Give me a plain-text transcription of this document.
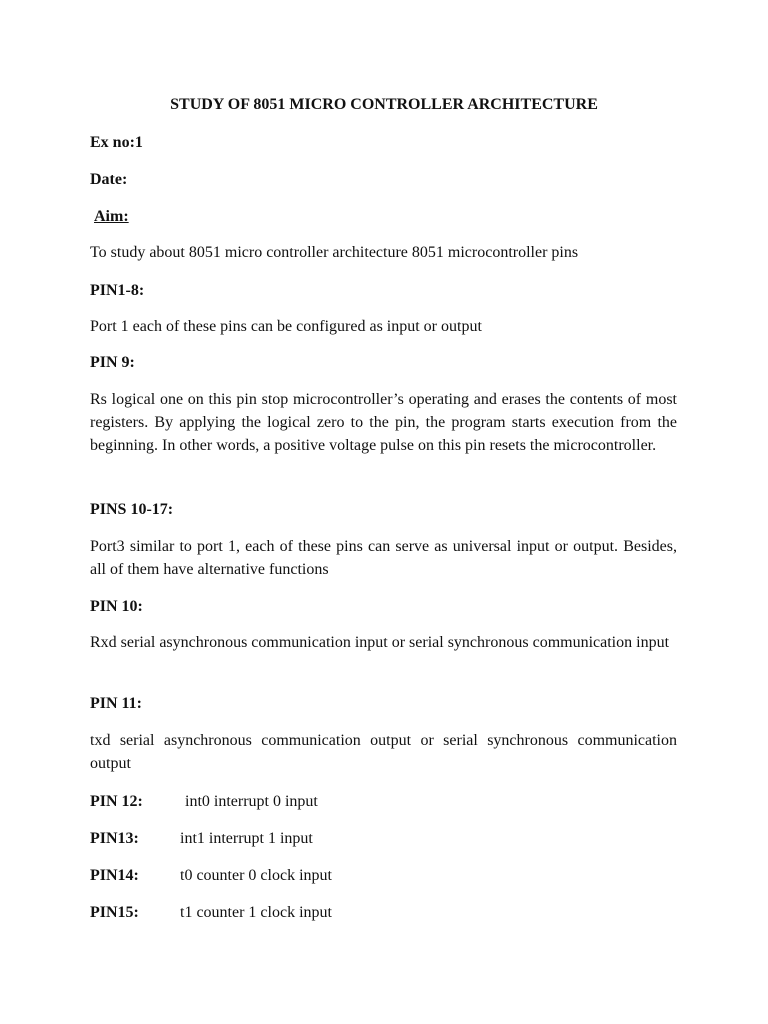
STUDY OF 8051 MICRO CONTROLLER ARCHITECTURE
Ex no:1
Date:
Aim:
To study about 8051 micro controller architecture 8051 microcontroller pins
PIN1-8:
Port 1 each of these pins can be configured as input or output
PIN 9:
Rs logical one on this pin stop microcontroller’s operating and erases the contents of most registers. By applying the logical zero to the pin, the program starts execution from the beginning. In other words, a positive voltage pulse on this pin resets the microcontroller.
PINS 10-17:
Port3 similar to port 1, each of these pins can serve as universal input or output. Besides, all of them have alternative functions
PIN 10:
Rxd serial asynchronous communication input or serial synchronous communication input
PIN 11:
txd serial asynchronous communication output or serial synchronous communication output
PIN 12:	int0 interrupt 0 input
PIN13:	int1 interrupt 1 input
PIN14:	t0 counter 0 clock input
PIN15:	t1 counter 1 clock input
